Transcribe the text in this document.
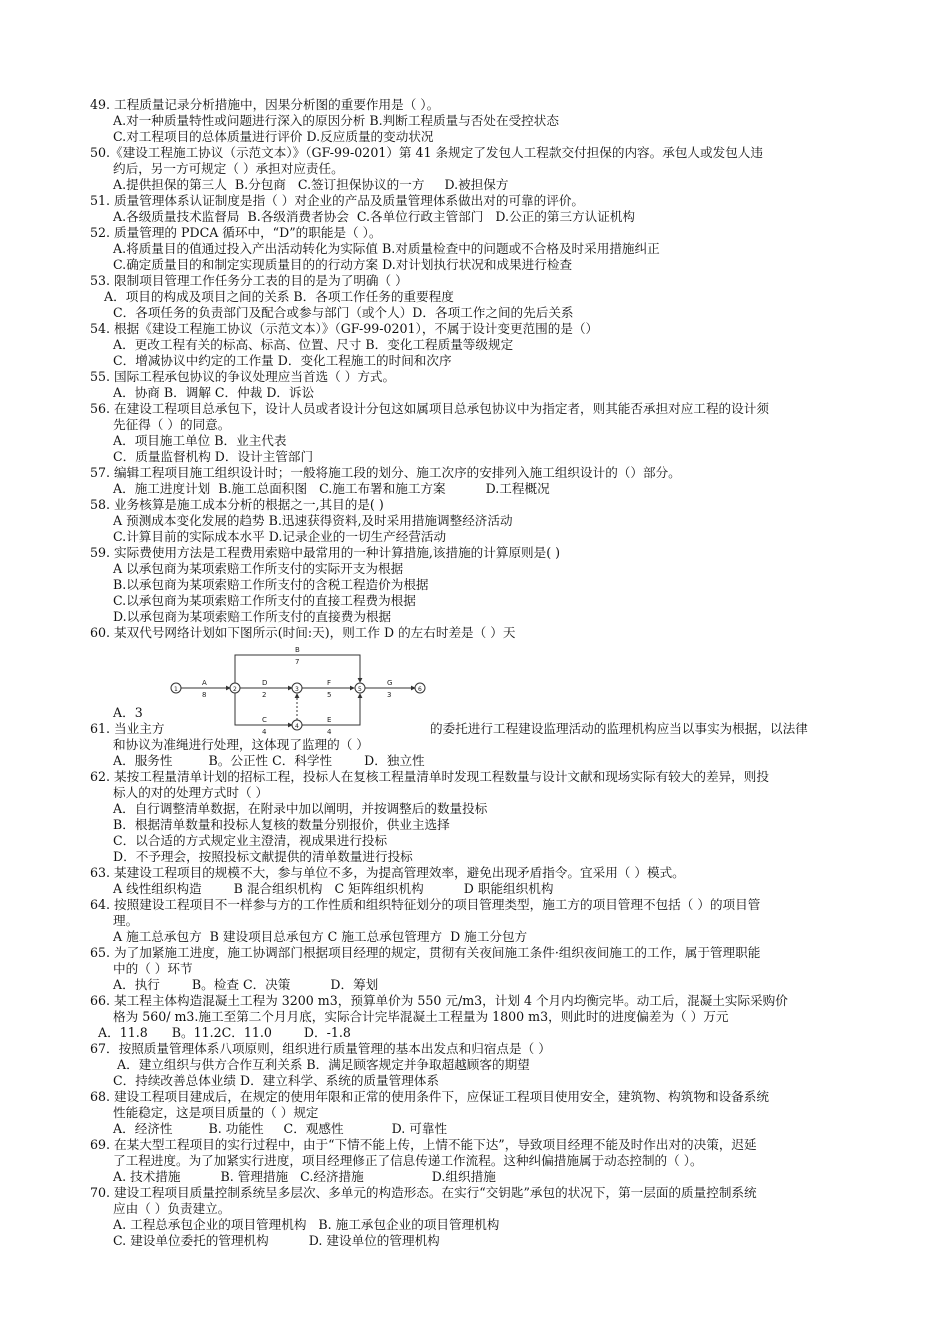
49. 工程质量记录分析措施中，因果分析图的重要作用是（ ）。

A.对一种质量特性或问题进行深入的原因分析 B.判断工程质量与否处在受控状态

C.对工程项目的总体质量进行评价 D.反应质量的变动状况

50.《建设工程施工协议（示范文本）》（GF-99-0201）第 41 条规定了发包人工程款交付担保的内容。承包人或发包人违

约后，另一方可规定（ ）承担对应责任。

A.提供担保的第三人  B.分包商   C.签订担保协议的一方     D.被担保方

51. 质量管理体系认证制度是指（ ）对企业的产品及质量管理体系做出对的可靠的评价。

A.各级质量技术监督局  B.各级消费者协会  C.各单位行政主管部门   D.公正的第三方认证机构

52. 质量管理的 PDCA 循环中，“D”的职能是（ ）。

A.将质量目的值通过投入产出活动转化为实际值 B.对质量检查中的问题或不合格及时采用措施纠正

C.确定质量目的和制定实现质量目的的行动方案 D.对计划执行状况和成果进行检查

53. 限制项目管理工作任务分工表的目的是为了明确（ ）

A．项目的构成及项目之间的关系 B．各项工作任务的重要程度

C．各项任务的负责部门及配合或参与部门（或个人）D．各项工作之间的先后关系

54. 根据《建设工程施工协议（示范文本）》（GF-99-0201），不属于设计变更范围的是（）

A．更改工程有关的标高、标高、位置、尺寸 B．变化工程质量等级规定

C．增减协议中约定的工作量 D．变化工程施工的时间和次序

55. 国际工程承包协议的争议处理应当首选（ ）方式。

A．协商 B．调解 C．仲裁 D．诉讼

56. 在建设工程项目总承包下，设计人员或者设计分包这如属项目总承包协议中为指定者，则其能否承担对应工程的设计须

先征得（ ）的同意。

A．项目施工单位 B．业主代表

C．质量监督机构 D．设计主管部门

57. 编辑工程项目施工组织设计时；一般将施工段的划分、施工次序的安排列入施工组织设计的（）部分。

A．施工进度计划  B.施工总面积图   C.施工布署和施工方案          D.工程概况

58. 业务核算是施工成本分析的根据之一,其目的是( )

A 预测成本变化发展的趋势 B.迅速获得资料,及时采用措施调整经济活动

C.计算目前的实际成本水平 D.记录企业的一切生产经营活动

59. 实际费使用方法是工程费用索赔中最常用的一种计算措施,该措施的计算原则是( )

A 以承包商为某项索赔工作所支付的实际开支为根据

B.以承包商为某项索赔工作所支付的含税工程造价为根据

C.以承包商为某项索赔工作所支付的直接工程费为根据

D.以承包商为某项索赔工作所支付的直接费为根据

60. 某双代号网络计划如下图所示(时间:天)，则工作 D 的左右时差是（ ）天

A．3

61. 当业主方	的委托进行工程建设监理活动的监理机构应当以事实为根据，以法律

和协议为准绳进行处理，这体现了监理的（ ）

A．服务性         B。公正性 C．科学性        D．独立性

62. 某按工程量清单计划的招标工程，投标人在复核工程量清单时发现工程数量与设计文献和现场实际有较大的差异，则投

标人的对的处理方式时（ ）

A．自行调整清单数据，在附录中加以阐明，并按调整后的数量投标

B．根据清单数量和投标人复核的数量分别报价，供业主选择

C．以合适的方式规定业主澄清，视成果进行投标

D．不予理会，按照投标文献提供的清单数量进行投标

63. 某建设工程项目的规模不大，参与单位不多，为提高管理效率，避免出现矛盾指令。宜采用（ ）模式。

A 线性组织构造        B 混合组织机构   C 矩阵组织机构          D 职能组织机构

64. 按照建设工程项目不一样参与方的工作性质和组织特征划分的项目管理类型，施工方的项目管理不包括（ ）的项目管

理。

A 施工总承包方  B 建设项目总承包方 C 施工总承包管理方  D 施工分包方

65. 为了加紧施工进度，施工协调部门根据项目经理的规定，贯彻有关夜间施工条件·组织夜间施工的工作，属于管理职能

中的（ ）环节

A．执行        B。检查 C．决策          D．筹划

66. 某工程主体构造混凝土工程为 3200 m3，预算单价为 550 元/m3，计划 4 个月内均衡完毕。动工后，混凝土实际采购价

格为 560/ m3.施工至第二个月月底，实际合计完毕混凝土工程量为 1800 m3，则此时的进度偏差为（ ）万元

A．11.8      B。11.2C．11.0        D．-1.8

67．按照质量管理体系八项原则，组织进行质量管理的基本出发点和归宿点是（ ）

A．建立组织与供方合作互利关系 B．满足顾客规定并争取超越顾客的期望

C．持续改善总体业绩 D．建立科学、系统的质量管理体系

68. 建设工程项目建成后，在规定的使用年限和正常的使用条件下，应保证工程项目使用安全，建筑物、构筑物和设备系统

性能稳定，这是项目质量的（ ）规定

A．经济性         B. 功能性     C．观感性            D. 可靠性

69. 在某大型工程项目的实行过程中，由于“下情不能上传，上情不能下达”，导致项目经理不能及时作出对的决策，迟延

了工程进度。为了加紧实行进度，项目经理修正了信息传递工作流程。这种纠偏措施属于动态控制的（ ）。

A. 技术措施          B. 管理措施   C.经济措施                 D.组织措施

70. 建设工程项目质量控制系统呈多层次、多单元的构造形态。在实行“交钥匙”承包的状况下，第一层面的质量控制系统

应由（ ）负责建立。

A. 工程总承包企业的项目管理机构   B. 施工承包企业的项目管理机构

C. 建设单位委托的管理机构          D. 建设单位的管理机构

A
8
B
7
D
2
F
5
G
3
C
4
E
4
1	2	3
4
5	6
